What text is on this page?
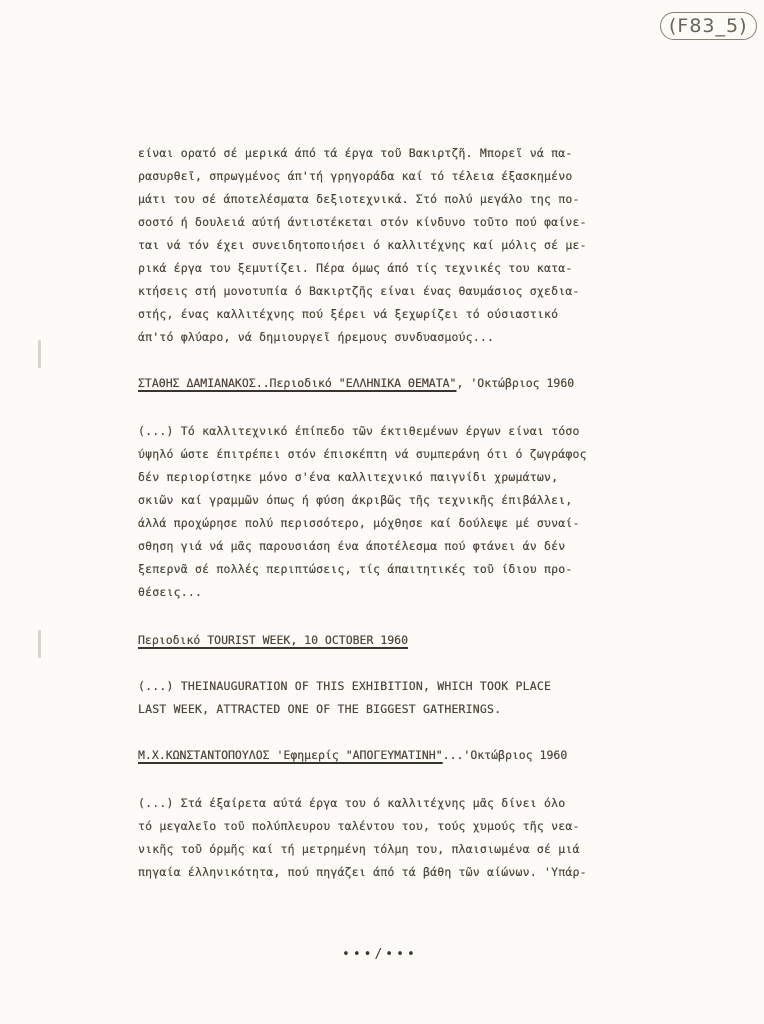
(F83_5)
είναι ορατό σέ μερικά άπό τά έργα τοῦ Βακιρτζῆ. Μπορεῖ νά πα-
ρασυρθεῖ, σπρωγμένος άπ'τή γρηγοράδα καί τό τέλεια έξασκημένο
μάτι του σέ άποτελέσματα δεξιοτεχνικά. Στό πολύ μεγάλο της πο-
σοστό ή δουλειά αύτή άντιστέκεται στόν κίνδυνο τοῦτο πού φαίνε-
ται νά τόν έχει συνειδητοποιήσει ό καλλιτέχνης καί μόλις σέ με-
ρικά έργα του ξεμυτίζει. Πέρα όμως άπό τίς τεχνικές του κατα-
κτήσεις στή μονοτυπία ό Βακιρτζῆς είναι ένας θαυμάσιος σχεδια-
στής, ένας καλλιτέχνης πού ξέρει νά ξεχωρίζει τό ούσιαστικό
άπ'τό φλύαρο, νά δημιουργεῖ ήρεμους συνδυασμούς...
ΣΤΑΘΗΣ ΔΑΜΙΑΝΑΚΟΣ..Περιοδικό "ΕΛΛΗΝΙΚΑ ΘΕΜΑΤΑ", 'Οκτώβριος 1960
(...) Τό καλλιτεχνικό έπίπεδο τῶν έκτιθεμένων έργων είναι τόσο
ύψηλό ώστε έπιτρέπει στόν έπισκέπτη νά συμπεράνη ότι ό ζωγράφος
δέν περιορίστηκε μόνο σ'ένα καλλιτεχνικό παιγνίδι χρωμάτων,
σκιῶν καί γραμμῶν όπως ή φύση άκριβῶς τῆς τεχνικῆς έπιβάλλει,
άλλά προχώρησε πολύ περισσότερο, μόχθησε καί δούλεψε μέ συναί-
σθηση γιά νά μᾶς παρουσιάση ένα άποτέλεσμα πού φτάνει άν δέν
ξεπερνᾶ σέ πολλές περιπτώσεις, τίς άπαιτητικές τοῦ ίδιου προ-
θέσεις...
Περιοδικό TOURIST WEEK, 10 OCTOBER 1960
(...) THEINAUGURATION OF THIS EXHIBITION, WHICH TOOK PLACE
LAST WEEK, ATTRACTED ONE OF THE BIGGEST GATHERINGS.
Μ.Χ.ΚΩΝΣΤΑΝΤΟΠΟΥΛΟΣ 'Εφημερίς "ΑΠΟΓΕΥΜΑΤΙΝΗ"...'Οκτώβριος 1960
(...) Στά έξαίρετα αύτά έργα του ό καλλιτέχνης μᾶς δίνει όλο
τό μεγαλεῖο τοῦ πολύπλευρου ταλέντου του, τούς χυμούς τῆς νεα-
νικῆς τοῦ όρμῆς καί τή μετρημένη τόλμη του, πλαισιωμένα σέ μιά
πηγαία έλληνικότητα, πού πηγάζει άπό τά βάθη τῶν αίώνων. 'Υπάρ-
•••/•••
